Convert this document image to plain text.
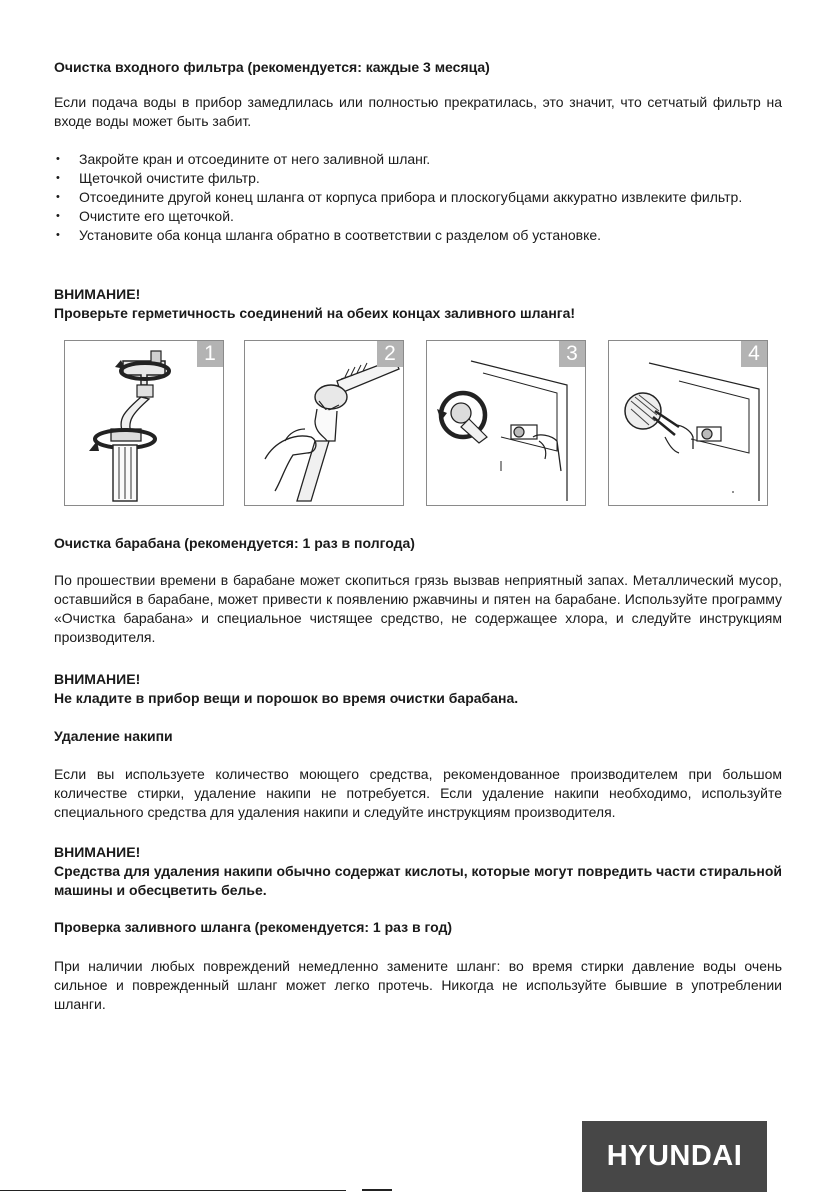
Очистка входного фильтра (рекомендуется: каждые 3 месяца)

Если подача воды в прибор замедлилась или полностью прекратилась, это значит, что сетчатый фильтр на входе воды может быть забит.

• Закройте кран и отсоедините от него заливной шланг.
• Щеточкой очистите фильтр.
• Отсоедините другой конец шланга от корпуса прибора и плоскогубцами аккуратно извлеките фильтр.
• Очистите его щеточкой.
• Установите оба конца шланга обратно в соответствии с разделом об установке.

ВНИМАНИЕ!

Проверьте герметичность соединений на обеих концах заливного шланга!

Очистка барабана (рекомендуется: 1 раз в полгода)

По прошествии времени в барабане может скопиться грязь вызвав неприятный запах. Металлический мусор, оставшийся в барабане, может привести к появлению ржавчины и пятен на барабане. Используйте программу «Очистка барабана» и специальное чистящее средство, не содержащее хлора, и следуйте инструкциям производителя.

ВНИМАНИЕ!

Не кладите в прибор вещи и порошок во время очистки барабана.

Удаление накипи

Если вы используете количество моющего средства, рекомендованное производителем при большом количестве стирки, удаление накипи не потребуется. Если удаление накипи необходимо, используйте специального средства для удаления накипи и следуйте инструкциям производителя.

ВНИМАНИЕ!

Средства для удаления накипи обычно содержат кислоты, которые могут повредить части стиральной машины и обесцветить белье.

Проверка заливного шланга (рекомендуется: 1 раз в год)

При наличии любых повреждений немедленно замените шланг: во время стирки давление воды очень сильное и поврежденный шланг может легко протечь. Никогда не используйте бывшие в употреблении шланги.

1	2	3	4
HYUNDAI
